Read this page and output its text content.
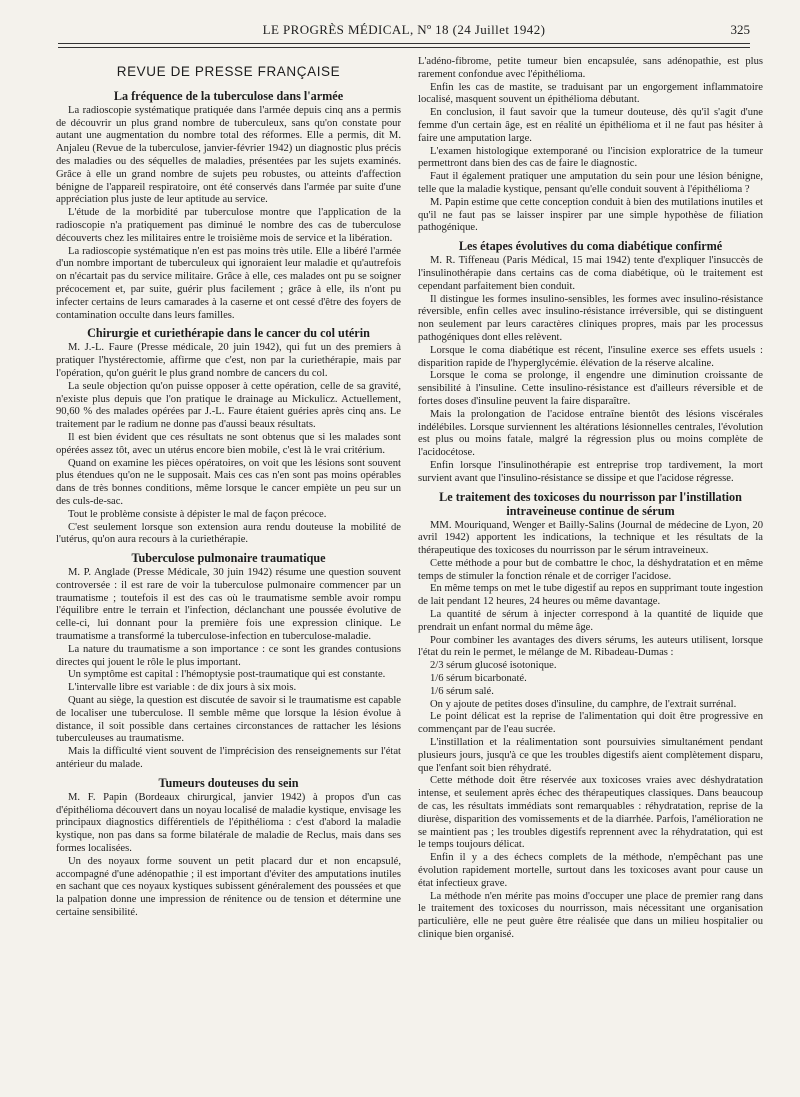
LE PROGRÈS MÉDICAL, Nº 18 (24 Juillet 1942)	325
REVUE DE PRESSE FRANÇAISE
La fréquence de la tuberculose dans l'armée

La radioscopie systématique pratiquée dans l'armée depuis cinq ans a permis de découvrir un plus grand nombre de tuberculeux, sans qu'on constate pour autant une augmentation du nombre total des réformes. Elle a permis, dit M. Anjaleu (Revue de la tuberculose, janvier-février 1942) un diagnostic plus précis des maladies ou des séquelles de maladies, présentées par les sujets examinés. Grâce à elle un grand nombre de sujets peu robustes, ou atteints d'affection bénigne de l'appareil respiratoire, ont été conservés dans l'armée par suite d'une appréciation plus juste de leur aptitude au service.

L'étude de la morbidité par tuberculose montre que l'application de la radioscopie n'a pratiquement pas diminué le nombre des cas de tuberculose découverts chez les militaires entre le troisième mois de service et la libération.

La radioscopie systématique n'en est pas moins très utile. Elle a libéré l'armée d'un nombre important de tuberculeux qui ignoraient leur maladie et qu'autrefois on n'écartait pas du service militaire. Grâce à elle, ces malades ont pu se soigner précocement et, par suite, guérir plus facilement ; grâce à elle, ils n'ont pu infecter certains de leurs camarades à la caserne et ont cessé d'être des foyers de contamination occulte dans leurs familles.

Chirurgie et curiethérapie dans le cancer du col utérin

M. J.-L. Faure (Presse médicale, 20 juin 1942), qui fut un des premiers à pratiquer l'hystérectomie, affirme que c'est, non par la curiethérapie, mais par l'opération, qu'on guérit le plus grand nombre de cancers du col.

La seule objection qu'on puisse opposer à cette opération, celle de sa gravité, n'existe plus depuis que l'on pratique le drainage au Mickulicz. Actuellement, 90,60 % des malades opérées par J.-L. Faure étaient guéries après cinq ans. Le traitement par le radium ne donne pas d'aussi beaux résultats.

Il est bien évident que ces résultats ne sont obtenus que si les malades sont opérées assez tôt, avec un utérus encore bien mobile, c'est là le vrai critérium.

Quand on examine les pièces opératoires, on voit que les lésions sont souvent plus étendues qu'on ne le supposait. Mais ces cas n'en sont pas moins opérables dans de très bonnes conditions, même lorsque le cancer empiète un peu sur un des culs-de-sac.

Tout le problème consiste à dépister le mal de façon précoce.

C'est seulement lorsque son extension aura rendu douteuse la mobilité de l'utérus, qu'on aura recours à la curiethérapie.

Tuberculose pulmonaire traumatique

M. P. Anglade (Presse Médicale, 30 juin 1942) résume une question souvent controversée : il est rare de voir la tuberculose pulmonaire commencer par un traumatisme ; toutefois il est des cas où le traumatisme semble avoir rompu l'équilibre entre le terrain et l'infection, déclanchant une poussée évolutive de celle-ci, lui donnant pour la première fois une expression clinique. Le traumatisme a transformé la tuberculose-infection en tuberculose-maladie.

La nature du traumatisme a son importance : ce sont les grandes contusions directes qui jouent le rôle le plus important.

Un symptôme est capital : l'hémoptysie post-traumatique qui est constante.

L'intervalle libre est variable : de dix jours à six mois.

Quant au siège, la question est discutée de savoir si le traumatisme est capable de localiser une tuberculose. Il semble même que lorsque la lésion évolue à distance, il soit possible dans certaines circonstances de rattacher les lésions tuberculeuses au traumatisme.

Mais la difficulté vient souvent de l'imprécision des renseignements sur l'état antérieur du malade.

Tumeurs douteuses du sein

M. F. Papin (Bordeaux chirurgical, janvier 1942) à propos d'un cas d'épithélioma découvert dans un noyau localisé de maladie kystique, envisage les principaux diagnostics différentiels de l'épithélioma : c'est d'abord la maladie kystique, non pas dans sa forme bilatérale de maladie de Reclus, mais dans ses formes localisées.

Un des noyaux forme souvent un petit placard dur et non encapsulé, accompagné d'une adénopathie ; il est important d'éviter des amputations inutiles en sachant que ces noyaux kystiques subissent généralement des poussées et que la palpation donne une impression de rénitence ou de tension et détermine une certaine sensibilité.

L'adéno-fibrome, petite tumeur bien encapsulée, sans adénopathie, est plus rarement confondue avec l'épithélioma.

Enfin les cas de mastite, se traduisant par un engorgement inflammatoire localisé, masquent souvent un épithélioma débutant.

En conclusion, il faut savoir que la tumeur douteuse, dès qu'il s'agit d'une femme d'un certain âge, est en réalité un épithélioma et il ne faut pas hésiter à faire une amputation large.

L'examen histologique extemporané ou l'incision exploratrice de la tumeur permettront dans bien des cas de faire le diagnostic.

Faut il également pratiquer une amputation du sein pour une lésion bénigne, telle que la maladie kystique, pensant qu'elle conduit souvent à l'épithélioma ?

M. Papin estime que cette conception conduit à bien des mutilations inutiles et qu'il ne faut pas se laisser inspirer par une simple hypothèse de filiation pathogénique.

Les étapes évolutives du coma diabétique confirmé

M. R. Tiffeneau (Paris Médical, 15 mai 1942) tente d'expliquer l'insuccès de l'insulinothérapie dans certains cas de coma diabétique, où le traitement est cependant parfaitement bien conduit.

Il distingue les formes insulino-sensibles, les formes avec insulino-résistance réversible, enfin celles avec insulino-résistance irréversible, qui se distinguent non seulement par leurs caractères cliniques propres, mais par les processus pathogéniques dont elles relèvent.

Lorsque le coma diabétique est récent, l'insuline exerce ses effets usuels : disparition rapide de l'hyperglycémie. élévation de la réserve alcaline.

Lorsque le coma se prolonge, il engendre une diminution croissante de sensibilité à l'insuline. Cette insulino-résistance est d'ailleurs réversible et de fortes doses d'insuline peuvent la faire disparaître.

Mais la prolongation de l'acidose entraîne bientôt des lésions viscérales indélébiles. Lorsque surviennent les altérations lésionnelles centrales, l'évolution est plus ou moins fatale, malgré la régression plus ou moins complète de l'acidocétose.

Enfin lorsque l'insulinothérapie est entreprise trop tardivement, la mort survient avant que l'insulino-résistance se dissipe et que l'acidose régresse.

Le traitement des toxicoses du nourrisson par l'instillation intraveineuse continue de sérum

MM. Mouriquand, Wenger et Bailly-Salins (Journal de médecine de Lyon, 20 avril 1942) apportent les indications, la technique et les résultats de la thérapeutique des toxicoses du nourrisson par le sérum intraveineux.

Cette méthode a pour but de combattre le choc, la déshydratation et en même temps de stimuler la fonction rénale et de corriger l'acidose.

En même temps on met le tube digestif au repos en supprimant toute ingestion de lait pendant 12 heures, 24 heures ou même davantage.

La quantité de sérum à injecter correspond à la quantité de liquide que prendrait un enfant normal du même âge.

Pour combiner les avantages des divers sérums, les auteurs utilisent, lorsque l'état du rein le permet, le mélange de M. Ribadeau-Dumas :

2/3 sérum glucosé isotonique.
1/6 sérum bicarbonaté.
1/6 sérum salé.

On y ajoute de petites doses d'insuline, du camphre, de l'extrait surrénal.

Le point délicat est la reprise de l'alimentation qui doit être progressive en commençant par de l'eau sucrée.

L'instillation et la réalimentation sont poursuivies simultanément pendant plusieurs jours, jusqu'à ce que les troubles digestifs aient complètement disparu, que l'enfant soit bien réhydraté.

Cette méthode doit être réservée aux toxicoses vraies avec déshydratation intense, et seulement après échec des thérapeutiques classiques. Dans beaucoup de cas, les résultats immédiats sont remarquables : réhydratation, reprise de la diurèse, disparition des vomissements et de la diarrhée. Parfois, l'amélioration ne se maintient pas ; les troubles digestifs reprennent avec la réhydratation, qui est le temps toujours délicat.

Enfin il y a des échecs complets de la méthode, n'empêchant pas une évolution rapidement mortelle, surtout dans les toxicoses avant pour cause un état infectieux grave.

La méthode n'en mérite pas moins d'occuper une place de premier rang dans le traitement des toxicoses du nourrisson, mais nécessitant une organisation particulière, elle ne peut guère être réalisée que dans un milieu hospitalier ou clinique bien organisé.
